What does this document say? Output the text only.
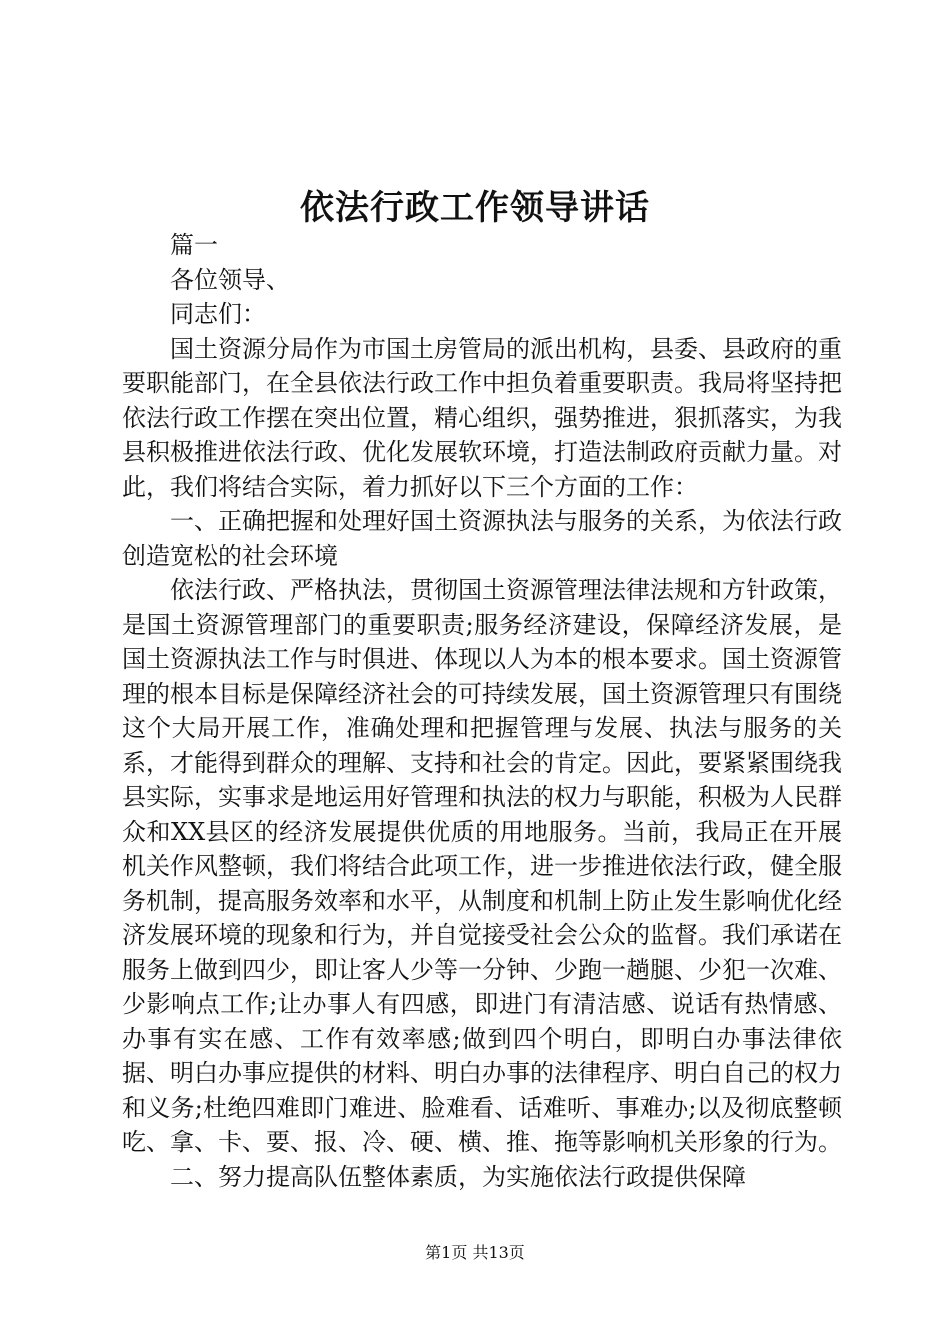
依法行政工作领导讲话

篇一

各位领导、

同志们：

国土资源分局作为市国土房管局的派出机构，县委、县政府的重要职能部门，在全县依法行政工作中担负着重要职责。我局将坚持把依法行政工作摆在突出位置，精心组织，强势推进，狠抓落实，为我县积极推进依法行政、优化发展软环境，打造法制政府贡献力量。对此，我们将结合实际，着力抓好以下三个方面的工作：

一、正确把握和处理好国土资源执法与服务的关系，为依法行政创造宽松的社会环境

依法行政、严格执法，贯彻国土资源管理法律法规和方针政策，是国土资源管理部门的重要职责;服务经济建设，保障经济发展，是国土资源执法工作与时俱进、体现以人为本的根本要求。国土资源管理的根本目标是保障经济社会的可持续发展，国土资源管理只有围绕这个大局开展工作，准确处理和把握管理与发展、执法与服务的关系，才能得到群众的理解、支持和社会的肯定。因此，要紧紧围绕我县实际，实事求是地运用好管理和执法的权力与职能，积极为人民群众和XX县区的经济发展提供优质的用地服务。当前，我局正在开展机关作风整顿，我们将结合此项工作，进一步推进依法行政，健全服务机制，提高服务效率和水平，从制度和机制上防止发生影响优化经济发展环境的现象和行为，并自觉接受社会公众的监督。我们承诺在服务上做到四少，即让客人少等一分钟、少跑一趟腿、少犯一次难、少影响点工作;让办事人有四感，即进门有清洁感、说话有热情感、办事有实在感、工作有效率感;做到四个明白，即明白办事法律依据、明白办事应提供的材料、明白办事的法律程序、明白自己的权力和义务;杜绝四难即门难进、脸难看、话难听、事难办;以及彻底整顿吃、拿、卡、要、报、冷、硬、横、推、拖等影响机关形象的行为。

二、努力提高队伍整体素质，为实施依法行政提供保障

第1页 共13页
